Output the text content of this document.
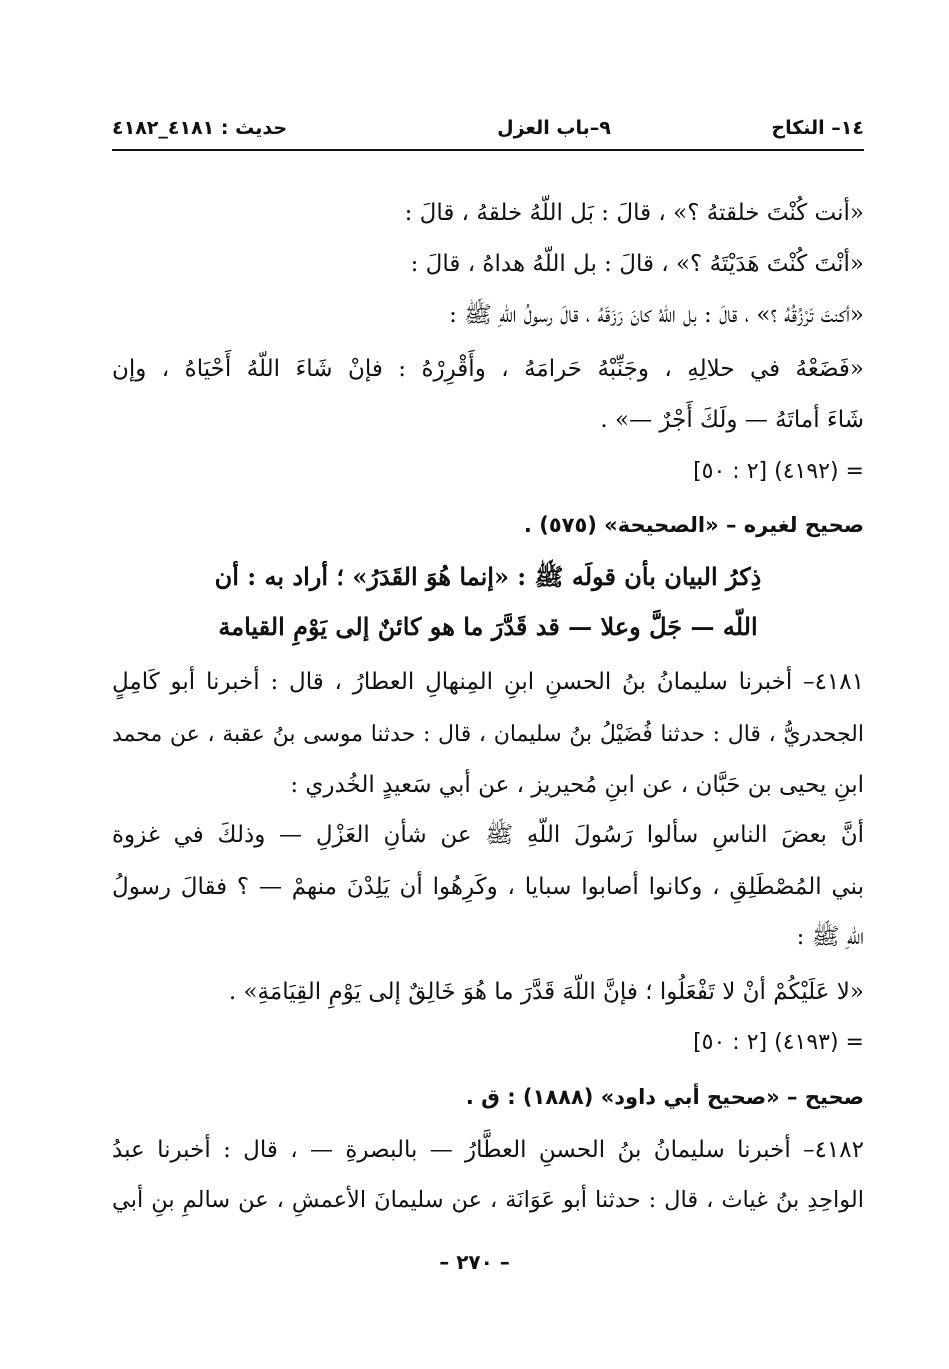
١٤– النكاح
٩–باب العزل
حديث : ٤١٨١_٤١٨٢
«أنت كُنْتَ خلقتهُ ؟» ، قالَ : بَل اللّهُ خلقهُ ، قالَ :
«أنْتَ كُنْتَ هَدَيْتَهُ ؟» ، قالَ : بل اللّهُ هداهُ ، قالَ :
«أكنتَ تَرْزُقُهُ ؟» ، قالَ : بل اللّهُ كانَ رَزَقَهُ ، قالَ رسولُ اللّهِ ﷺ :
«فَضَعْهُ في حلالِهِ ، وجَنِّبْهُ حَرامَهُ ، وأَقْرِرْهُ : فإنْ شَاءَ اللّهُ أَحْيَاهُ ، وإن
شَاءَ أماتَهُ — ولَكَ أَجْرٌ —» .
= (٤١٩٢) [٢ : ٥٠]
صحيح لغيره – «الصحيحة» (٥٧٥) .
ذِكرُ البيان بأن قولَه ﷺ : «إنما هُوَ القَدَرُ» ؛ أراد به : أن
اللّه — جَلَّ وعلا — قد قَدَّرَ ما هو كائنٌ إلى يَوْمِ القيامة
٤١٨١– أخبرنا سليمانُ بنُ الحسنِ ابنِ المِنهالِ العطارُ ، قال : أخبرنا أبو كَامِلٍ
الجحدريُّ ، قال : حدثنا فُضَيْلُ بنُ سليمان ، قال : حدثنا موسى بنُ عقبة ، عن محمد
ابنِ يحيى بن حَبَّان ، عن ابنِ مُحيريز ، عن أبي سَعيدٍ الخُدري :
أنَّ بعضَ الناسِ سألوا رَسُولَ اللّهِ ﷺ عن شأنِ العَزْلِ — وذلكَ في غزوة
بني المُصْطَلِقِ ، وكانوا أصابوا سبايا ، وكَرِهُوا أن يَلِدْنَ منهمْ — ؟ فقالَ رسولُ
اللّهِ ﷺ :
«لا عَلَيْكُمْ أنْ لا تَفْعَلُوا ؛ فإنَّ اللّهَ قَدَّرَ ما هُوَ خَالِقٌ إلى يَوْمِ القِيَامَةِ» .
= (٤١٩٣) [٢ : ٥٠]
صحيح – «صحيح أبي داود» (١٨٨٨) : ق .
٤١٨٢– أخبرنا سليمانُ بنُ الحسنِ العطَّارُ — بالبصرةِ — ، قال : أخبرنا عبدُ
الواحِدِ بنُ غياث ، قال : حدثنا أبو عَوَانَة ، عن سليمانَ الأعمشِ ، عن سالمِ بنِ أبي
– ٢٧٠ –
